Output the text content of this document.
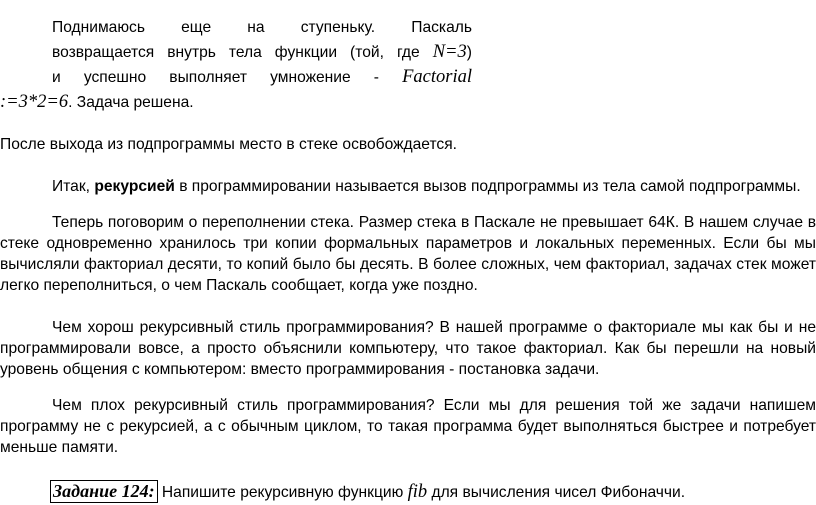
Поднимаюсь еще на ступеньку. Паскаль
возвращается внутрь тела функции (той, где N=3)
и успешно выполняет умножение - Factorial
:=3*2=6. Задача решена.

После выхода из подпрограммы место в стеке освобождается.

Итак, рекурсией в программировании называется вызов подпрограммы из тела самой подпрограммы.

Теперь поговорим о переполнении стека. Размер стека в Паскале не превышает 64К. В нашем случае в стеке одновременно хранилось три копии формальных параметров и локальных переменных. Если бы мы вычисляли факториал десяти, то копий было бы десять. В более сложных, чем факториал, задачах стек может легко переполниться, о чем Паскаль сообщает, когда уже поздно.

Чем хорош рекурсивный стиль программирования? В нашей программе о факториале мы как бы и не программировали вовсе, а просто объяснили компьютеру, что такое факториал. Как бы перешли на новый уровень общения с компьютером: вместо программирования - постановка задачи.

Чем плох рекурсивный стиль программирования? Если мы для решения той же задачи напишем программу не с рекурсией, а с обычным циклом, то такая программа будет выполняться быстрее и потребует меньше памяти.

Задание 124: Напишите рекурсивную функцию fib для вычисления чисел Фибоначчи.
